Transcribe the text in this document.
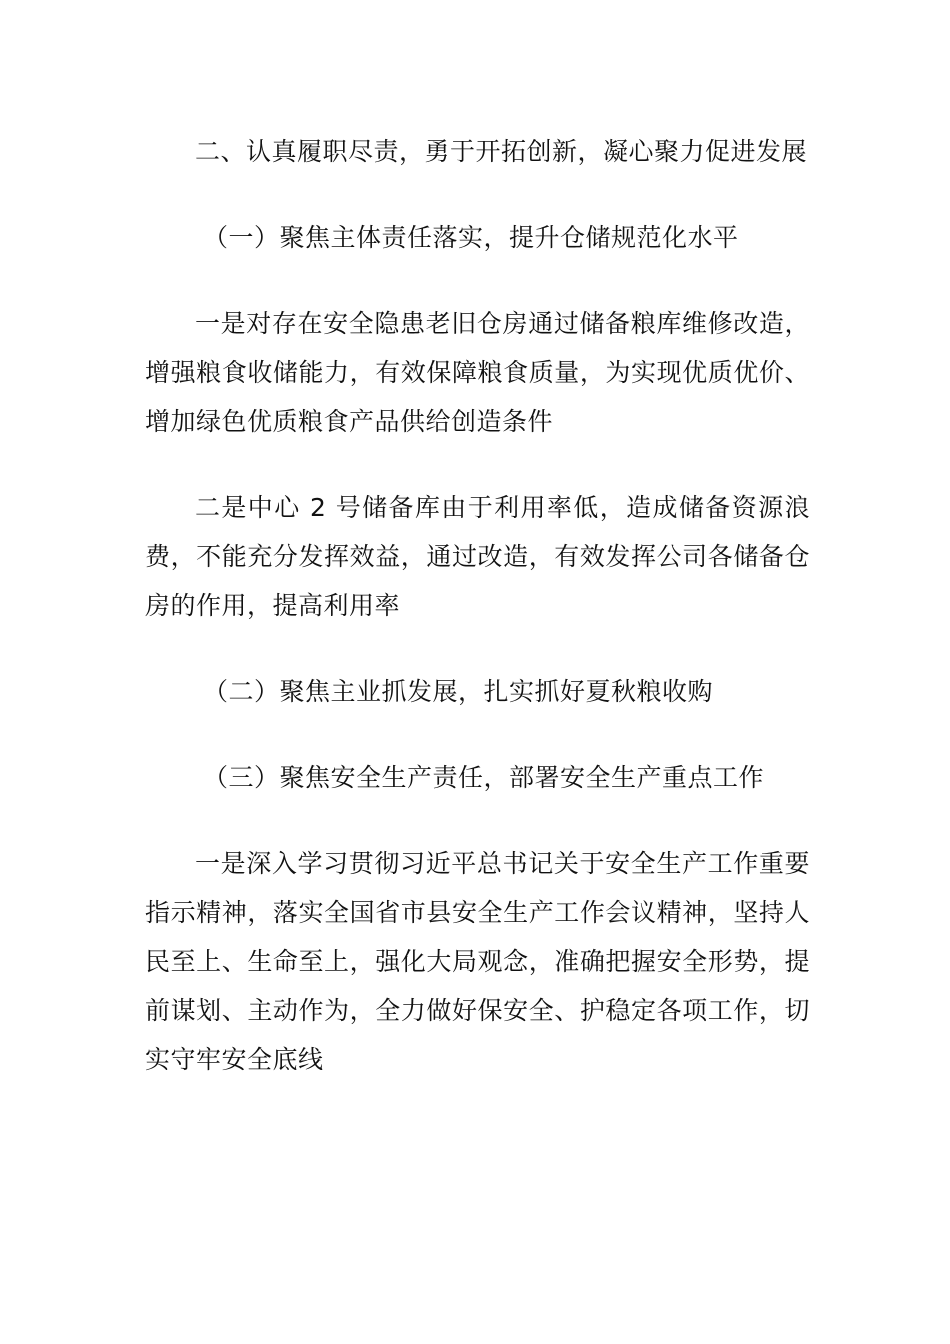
二、认真履职尽责，勇于开拓创新，凝心聚力促进发展

（一）聚焦主体责任落实，提升仓储规范化水平

一是对存在安全隐患老旧仓房通过储备粮库维修改造，增强粮食收储能力，有效保障粮食质量，为实现优质优价、增加绿色优质粮食产品供给创造条件

二是中心 2 号储备库由于利用率低，造成储备资源浪费，不能充分发挥效益，通过改造，有效发挥公司各储备仓房的作用，提高利用率

（二）聚焦主业抓发展，扎实抓好夏秋粮收购

（三）聚焦安全生产责任，部署安全生产重点工作

一是深入学习贯彻习近平总书记关于安全生产工作重要指示精神，落实全国省市县安全生产工作会议精神，坚持人民至上、生命至上，强化大局观念，准确把握安全形势，提前谋划、主动作为，全力做好保安全、护稳定各项工作，切实守牢安全底线
